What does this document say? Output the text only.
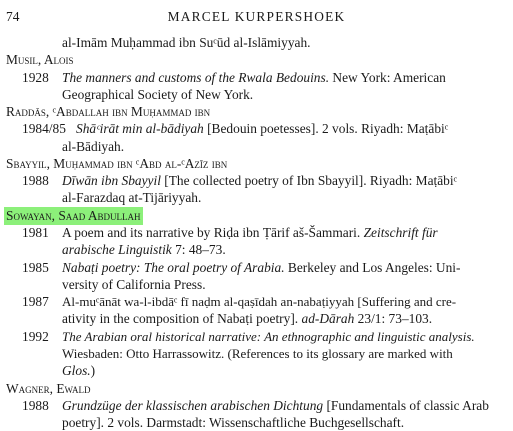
74	MARCEL KURPERSHOEK
al-Imām Muḥammad ibn Suᶜūd al-Islāmiyyah.
Musil, Alois
1928 The manners and customs of the Rwala Bedouins. New York: American
Geographical Society of New York.
Raddās, ᶜAbdallah ibn Muḥammad ibn
1984/85 Shāᶜirāt min al-bādiyah [Bedouin poetesses]. 2 vols. Riyadh: Maṭābiᶜ
al-Bādiyah.
Sbayyil, Muḥammad ibn ᶜAbd al-ᶜAzīz ibn
1988 Dīwān ibn Sbayyil [The collected poetry of Ibn Sbayyil]. Riyadh: Maṭābiᶜ
al-Farazdaq at-Tijāriyyah.
Sowayan, Saad Abdullah
1981 A poem and its narrative by Riḍa ibn Ṭārif aš-Šammari. Zeitschrift für
arabische Linguistik 7: 48–73.
1985 Nabaṭi poetry: The oral poetry of Arabia. Berkeley and Los Angeles: Uni-
versity of California Press.
1987 Al-muᶜānāt wa-l-ibdāᶜ fī naḍm al-qaṣīdah an-nabaṭiyyah [Suffering and cre-
ativity in the composition of Nabaṭi poetry]. ad-Dārah 23/1: 73–103.
1992 The Arabian oral historical narrative: An ethnographic and linguistic analysis.
Wiesbaden: Otto Harrassowitz. (References to its glossary are marked with
Glos.)
Wagner, Ewald
1988 Grundzüge der klassischen arabischen Dichtung [Fundamentals of classic Arab
poetry]. 2 vols. Darmstadt: Wissenschaftliche Buchgesellschaft.
